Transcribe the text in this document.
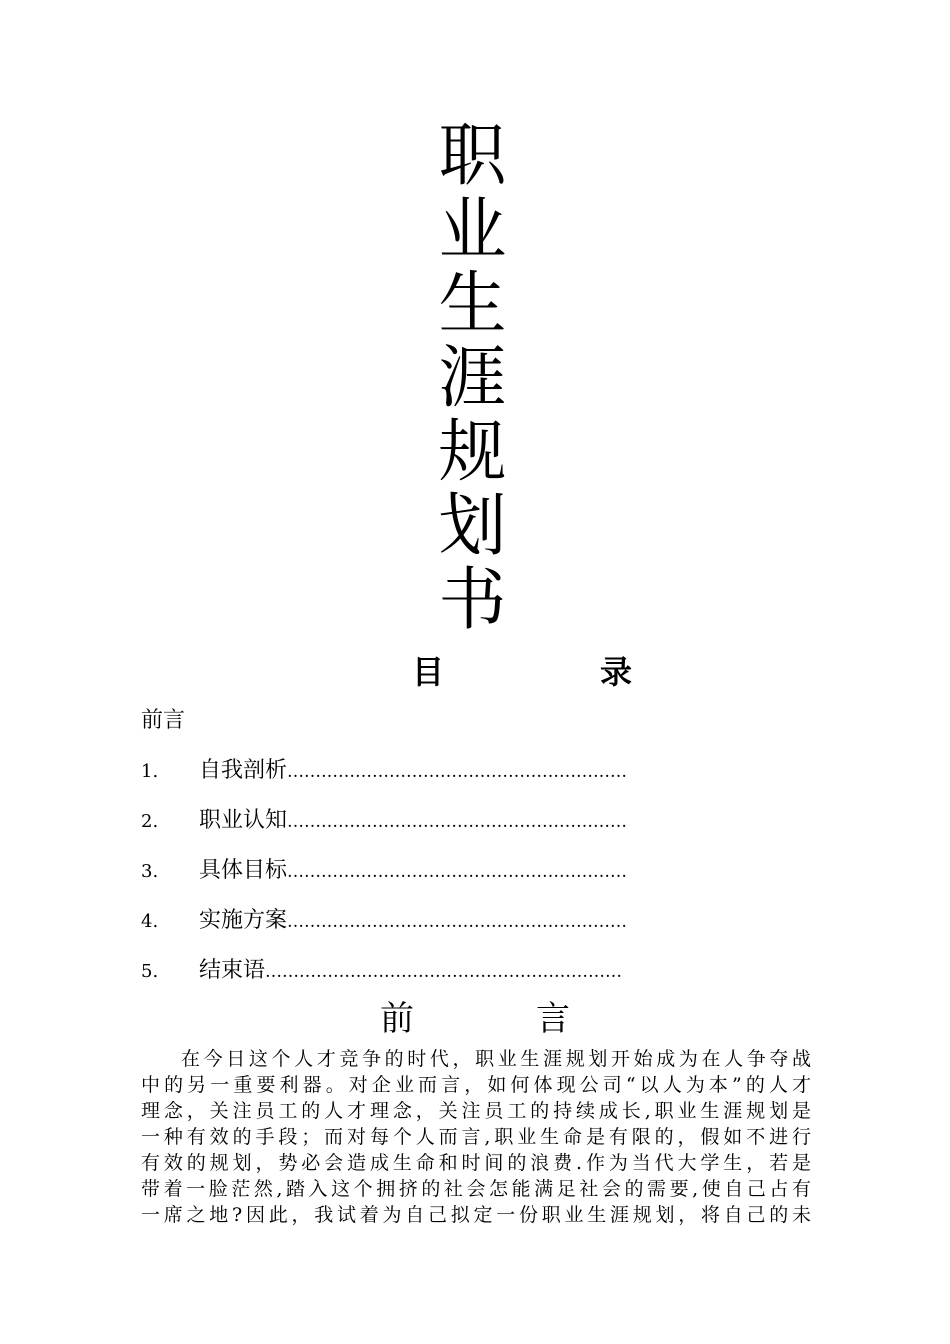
职
业
生
涯
规
划
书
目	录
前言
1.	自我剖析 ……………………………………………………
2.	职业认知 ……………………………………………………
3.	具体目标 ……………………………………………………
4.	实施方案 ……………………………………………………
5.	结束语 ………………………………………………………
前	言
在今日这个人才竞争的时代，职业生涯规划开始成为在人争夺战
中的另一重要利器。对企业而言，如何体现公司“以人为本”的人才
理念，关注员工的人才理念，关注员工的持续成长,职业生涯规划是
一种有效的手段；而对每个人而言,职业生命是有限的，假如不进行
有效的规划，势必会造成生命和时间的浪费.作为当代大学生，若是
带着一脸茫然,踏入这个拥挤的社会怎能满足社会的需要,使自己占有
一席之地?因此，我试着为自己拟定一份职业生涯规划，将自己的未
